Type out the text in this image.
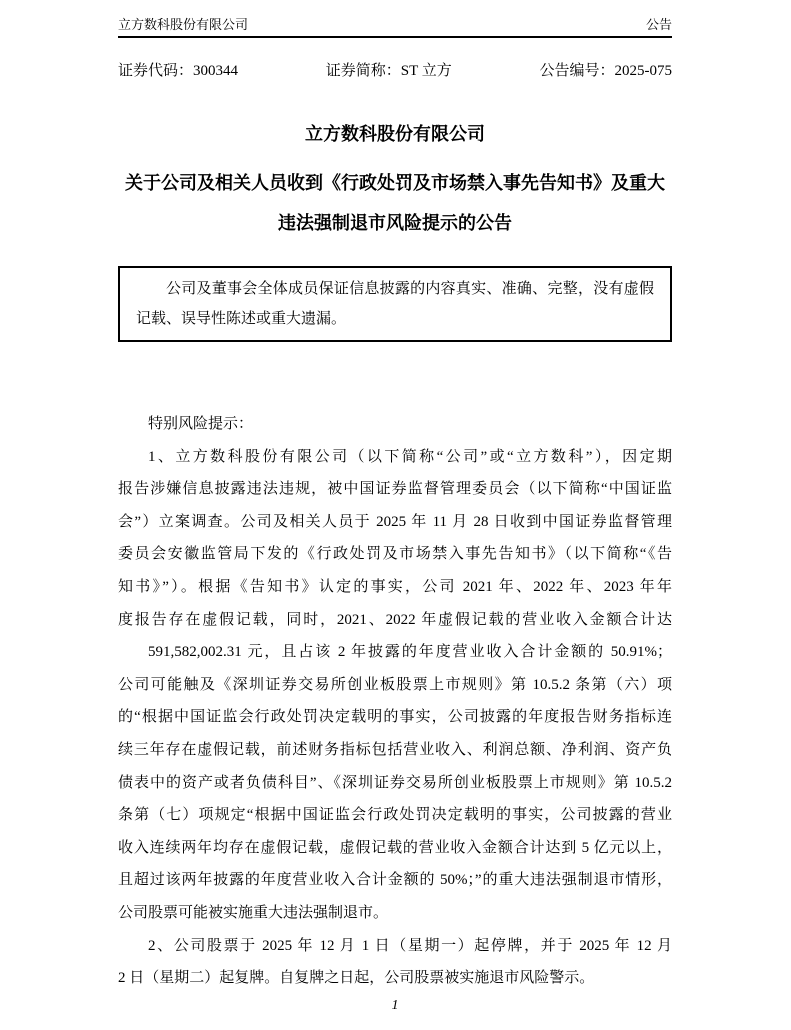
立方数科股份有限公司	公告
证券代码：300344	证券简称：ST 立方	公告编号：2025-075
立方数科股份有限公司
关于公司及相关人员收到《行政处罚及市场禁入事先告知书》及重大
违法强制退市风险提示的公告
公司及董事会全体成员保证信息披露的内容真实、准确、完整，没有虚假
记载、误导性陈述或重大遗漏。
特别风险提示：
1、立方数科股份有限公司（以下简称“公司”或“立方数科”），因定期
报告涉嫌信息披露违法违规，被中国证券监督管理委员会（以下简称“中国证监
会”）立案调查。公司及相关人员于 2025 年 11 月 28 日收到中国证券监督管理
委员会安徽监管局下发的《行政处罚及市场禁入事先告知书》（以下简称“《告
知书》”）。根据《告知书》认定的事实，公司 2021 年、2022 年、2023 年年
度报告存在虚假记载，同时，2021、2022 年虚假记载的营业收入金额合计达
591,582,002.31 元，且占该 2 年披露的年度营业收入合计金额的 50.91%；
公司可能触及《深圳证券交易所创业板股票上市规则》第 10.5.2 条第（六）项
的“根据中国证监会行政处罚决定载明的事实，公司披露的年度报告财务指标连
续三年存在虚假记载，前述财务指标包括营业收入、利润总额、净利润、资产负
债表中的资产或者负债科目”、《深圳证券交易所创业板股票上市规则》第 10.5.2
条第（七）项规定“根据中国证监会行政处罚决定载明的事实，公司披露的营业
收入连续两年均存在虚假记载，虚假记载的营业收入金额合计达到 5 亿元以上，
且超过该两年披露的年度营业收入合计金额的 50%；”的重大违法强制退市情形，
公司股票可能被实施重大违法强制退市。
2、公司股票于 2025 年 12 月 1 日（星期一）起停牌，并于 2025 年 12 月
2 日（星期二）起复牌。自复牌之日起，公司股票被实施退市风险警示。
1
